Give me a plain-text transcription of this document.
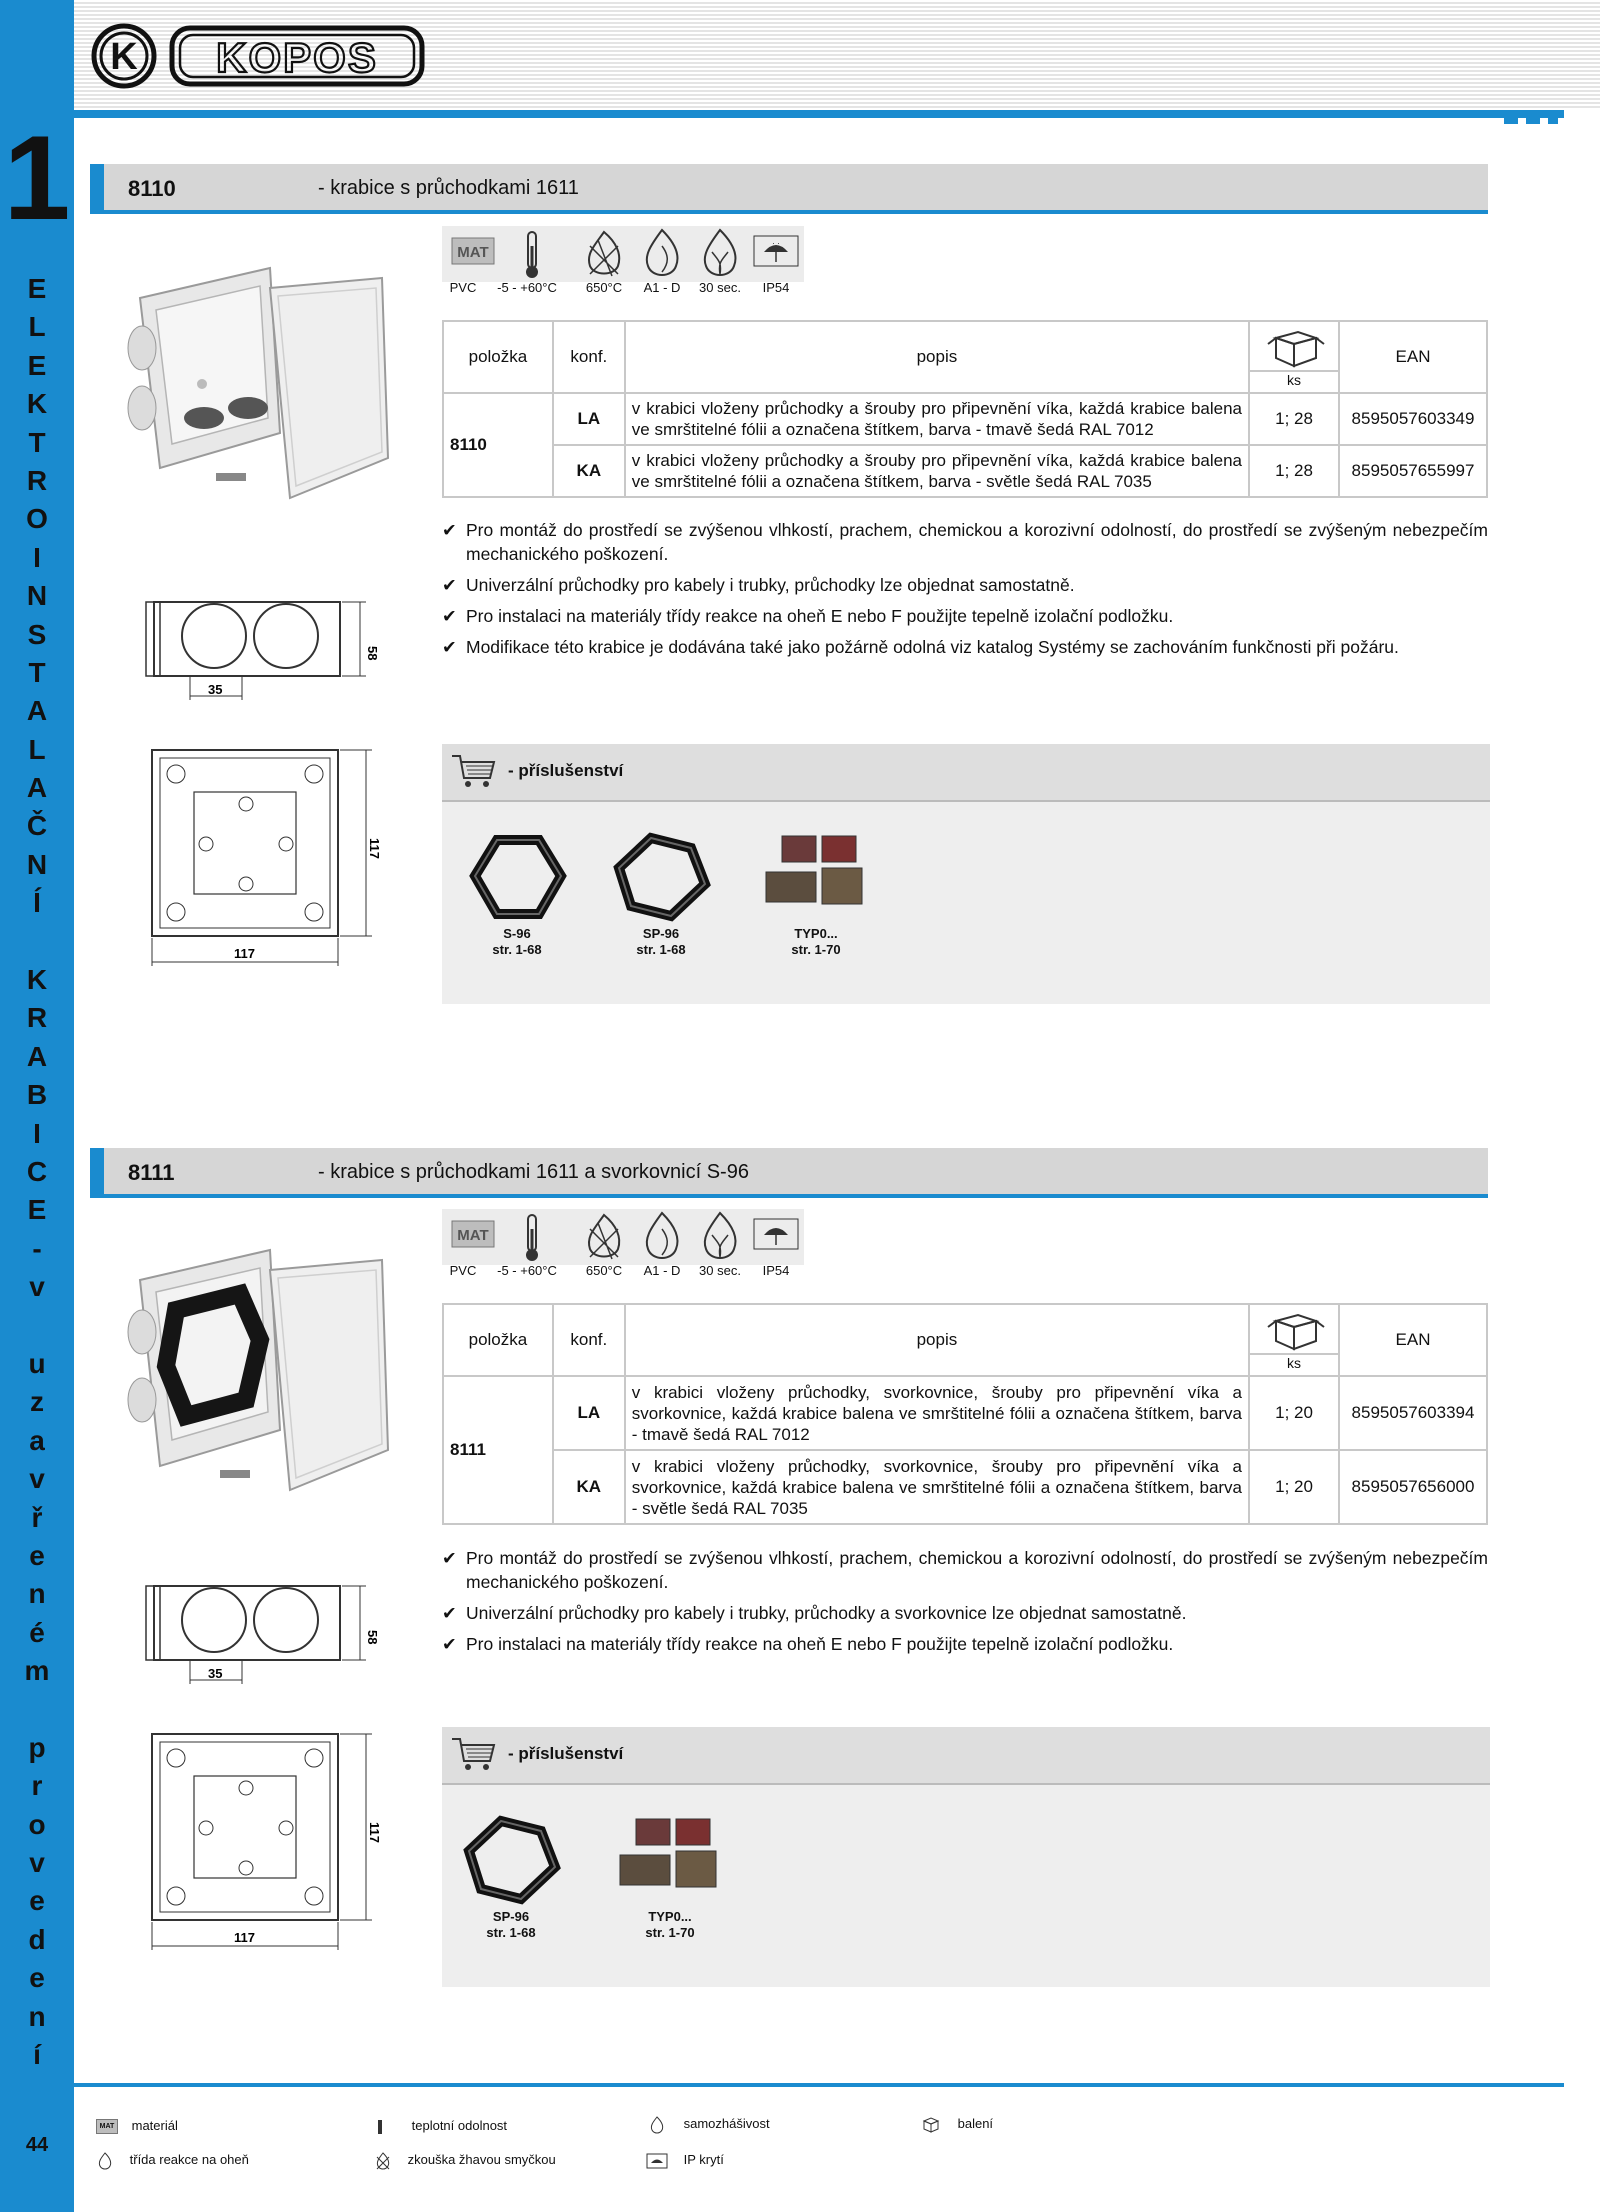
1
E
L
E
K
T
R
O
I
N
S
T
A
L
A
Č
N
Í
K
R
A
B
I
C
E
-
v
u
z
a
v
ř
e
n
é
m
p
r
o
v
e
d
e
n
í
44
K KOPOS
8110	- krabice s průchodkami 1611
58
35
117
117
MAT
· ·
PVC	-5 - +60°C	650°C	A1 - D	30 sec.	IP54
položka	konf.	popis	ks	EAN
8110	LA	v krabici vloženy průchodky a šrouby pro připevnění víka, každá krabice balena ve smrštitelné fólii a označena štítkem, barva - tmavě šedá RAL 7012	1; 28	8595057603349
	KA	v krabici vloženy průchodky a šrouby pro připevnění víka, každá krabice balena ve smrštitelné fólii a označena štítkem, barva - světle šedá RAL 7035	1; 28	8595057655997
✔ Pro montáž do prostředí se zvýšenou vlhkostí, prachem, chemickou a korozivní odolností, do prostředí se zvýšeným nebezpečím mechanického poškození.
✔ Univerzální průchodky pro kabely i trubky, průchodky lze objednat samostatně.
✔ Pro instalaci na materiály třídy reakce na oheň E nebo F použijte tepelně izolační podložku.
✔ Modifikace této krabice je dodávána také jako požárně odolná viz katalog Systémy se zachováním funkčnosti při požáru.
- příslušenství
S-96
str. 1-68
SP-96
str. 1-68
TYP0...
str. 1-70
8111	- krabice s průchodkami 1611 a svorkovnicí S-96
58
35
117
117
MAT
PVC	-5 - +60°C	650°C	A1 - D	30 sec.	IP54
položka	konf.	popis	ks	EAN
8111	LA	v krabici vloženy průchodky, svorkovnice, šrouby pro připevnění víka a svorkovnice, každá krabice balena ve smrštitelné fólii a označena štítkem, barva - tmavě šedá RAL 7012	1; 20	8595057603394
	KA	v krabici vloženy průchodky, svorkovnice, šrouby pro připevnění víka a svorkovnice, každá krabice balena ve smrštitelné fólii a označena štítkem, barva - světle šedá RAL 7035	1; 20	8595057656000
✔ Pro montáž do prostředí se zvýšenou vlhkostí, prachem, chemickou a korozivní odolností, do prostředí se zvýšeným nebezpečím mechanického poškození.
✔ Univerzální průchodky pro kabely i trubky, průchodky a svorkovnice lze objednat samostatně.
✔ Pro instalaci na materiály třídy reakce na oheň E nebo F použijte tepelně izolační podložku.
- příslušenství
SP-96
str. 1-68
TYP0...
str. 1-70
MAT materiál	teplotní odolnost	samozhášivost	balení
třída reakce na oheň	zkouška žhavou smyčkou	IP krytí
